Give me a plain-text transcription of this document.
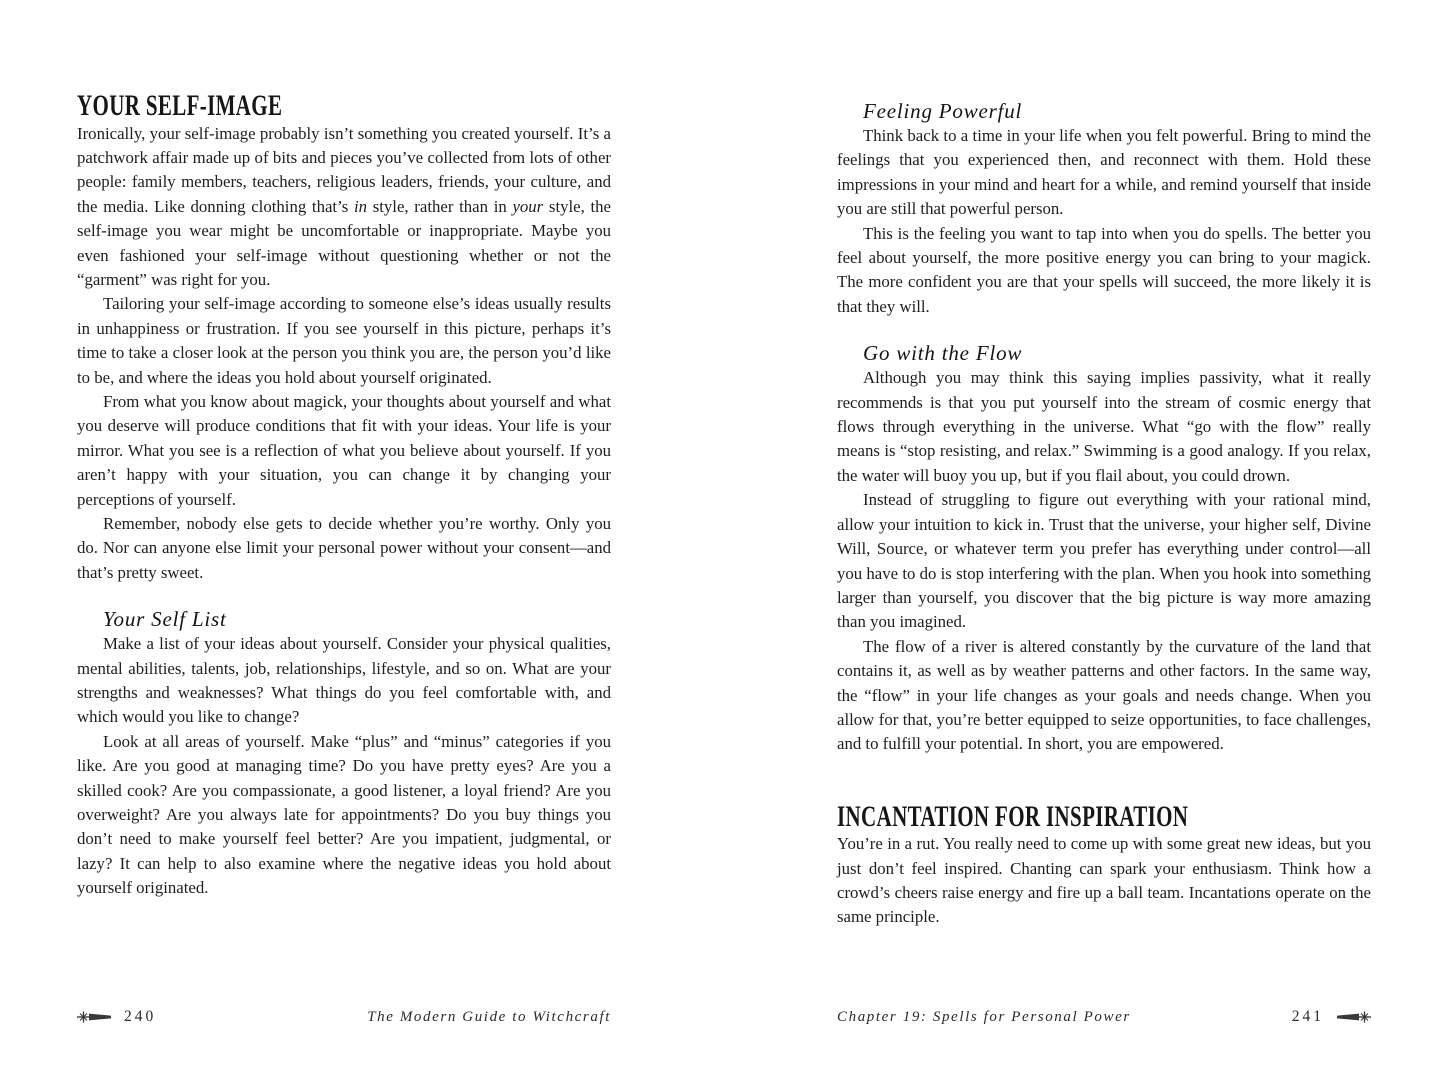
YOUR SELF-IMAGE

Ironically, your self-image probably isn’t something you created yourself. It’s a patchwork affair made up of bits and pieces you’ve collected from lots of other people: family members, teachers, religious leaders, friends, your culture, and the media. Like donning clothing that’s in style, rather than in your style, the self-image you wear might be uncomfortable or inappropriate. Maybe you even fashioned your self-image without questioning whether or not the “garment” was right for you.

Tailoring your self-image according to someone else’s ideas usually results in unhappiness or frustration. If you see yourself in this picture, perhaps it’s time to take a closer look at the person you think you are, the person you’d like to be, and where the ideas you hold about yourself originated.

From what you know about magick, your thoughts about yourself and what you deserve will produce conditions that fit with your ideas. Your life is your mirror. What you see is a reflection of what you believe about yourself. If you aren’t happy with your situation, you can change it by changing your perceptions of yourself.

Remember, nobody else gets to decide whether you’re worthy. Only you do. Nor can anyone else limit your personal power without your consent—and that’s pretty sweet.

Your Self List

Make a list of your ideas about yourself. Consider your physical qualities, mental abilities, talents, job, relationships, lifestyle, and so on. What are your strengths and weaknesses? What things do you feel comfortable with, and which would you like to change?

Look at all areas of yourself. Make “plus” and “minus” categories if you like. Are you good at managing time? Do you have pretty eyes? Are you a skilled cook? Are you compassionate, a good listener, a loyal friend? Are you overweight? Are you always late for appointments? Do you buy things you don’t need to make yourself feel better? Are you impatient, judgmental, or lazy? It can help to also examine where the negative ideas you hold about yourself originated.

240	The Modern Guide to Witchcraft
Feeling Powerful

Think back to a time in your life when you felt powerful. Bring to mind the feelings that you experienced then, and reconnect with them. Hold these impressions in your mind and heart for a while, and remind yourself that inside you are still that powerful person.

This is the feeling you want to tap into when you do spells. The better you feel about yourself, the more positive energy you can bring to your magick. The more confident you are that your spells will succeed, the more likely it is that they will.

Go with the Flow

Although you may think this saying implies passivity, what it really recommends is that you put yourself into the stream of cosmic energy that flows through everything in the universe. What “go with the flow” really means is “stop resisting, and relax.” Swimming is a good analogy. If you relax, the water will buoy you up, but if you flail about, you could drown.

Instead of struggling to figure out everything with your rational mind, allow your intuition to kick in. Trust that the universe, your higher self, Divine Will, Source, or whatever term you prefer has everything under control—all you have to do is stop interfering with the plan. When you hook into something larger than yourself, you discover that the big picture is way more amazing than you imagined.

The flow of a river is altered constantly by the curvature of the land that contains it, as well as by weather patterns and other factors. In the same way, the “flow” in your life changes as your goals and needs change. When you allow for that, you’re better equipped to seize opportunities, to face challenges, and to fulfill your potential. In short, you are empowered.

INCANTATION FOR INSPIRATION

You’re in a rut. You really need to come up with some great new ideas, but you just don’t feel inspired. Chanting can spark your enthusiasm. Think how a crowd’s cheers raise energy and fire up a ball team. Incantations operate on the same principle.

Chapter 19: Spells for Personal Power	241
